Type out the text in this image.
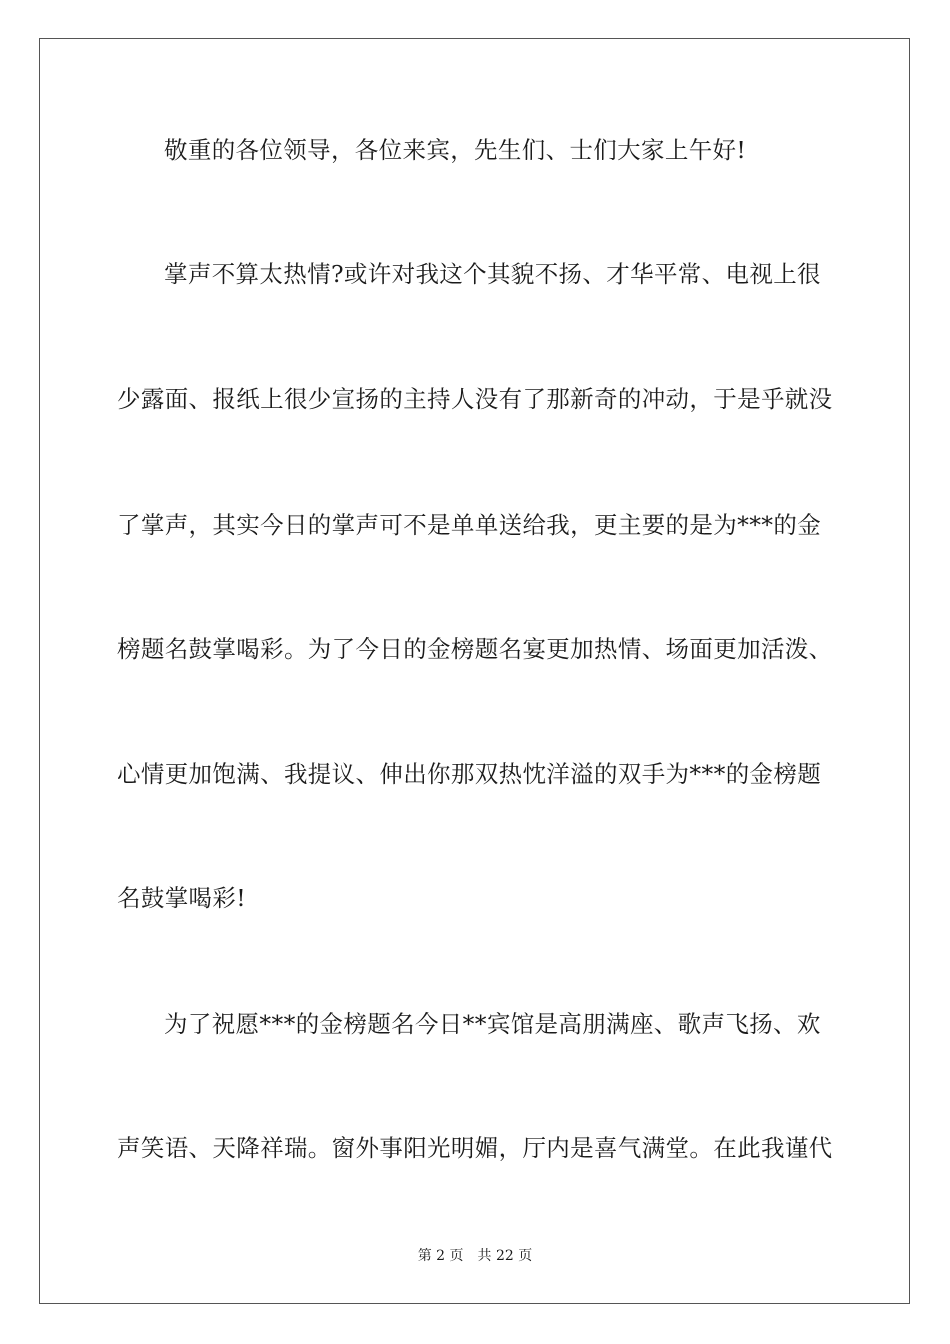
敬重的各位领导，各位来宾，先生们、士们大家上午好!
掌声不算太热情?或许对我这个其貌不扬、才华平常、电视上很
少露面、报纸上很少宣扬的主持人没有了那新奇的冲动，于是乎就没
了掌声，其实今日的掌声可不是单单送给我，更主要的是为***的金
榜题名鼓掌喝彩。为了今日的金榜题名宴更加热情、场面更加活泼、
心情更加饱满、我提议、伸出你那双热忱洋溢的双手为***的金榜题
名鼓掌喝彩!
为了祝愿***的金榜题名今日**宾馆是高朋满座、歌声飞扬、欢
声笑语、天降祥瑞。窗外事阳光明媚，厅内是喜气满堂。在此我谨代
第 2 页 共 22 页
